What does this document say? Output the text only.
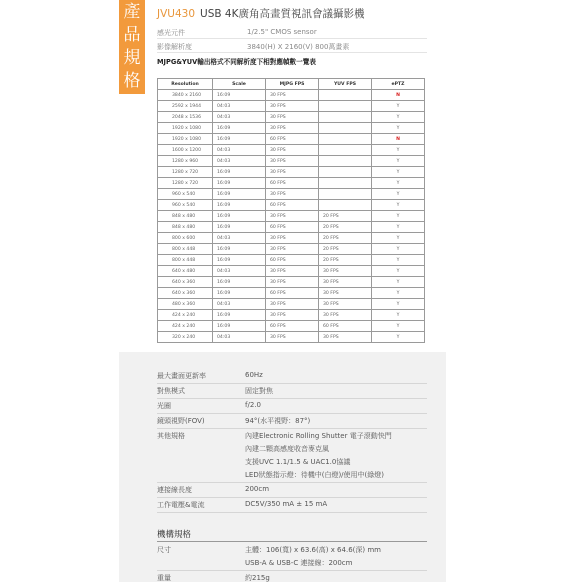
產
品
規
格
JVU430 USB 4K廣角高畫質視訊會議攝影機
感光元件	1/2.5" CMOS sensor
影像解析度	3840(H) X 2160(V) 800萬畫素
MJPG&YUV輸出格式不同解析度下相對應幀數一覽表
Resolution	Scale	MJPG FPS	YUV FPS	ePTZ
3840 x 2160	16:09	30 FPS		N
2592 x 1944	04:03	30 FPS		Y
2048 x 1536	04:03	30 FPS		Y
1920 x 1080	16:09	30 FPS		Y
1920 x 1080	16:09	60 FPS		N
1600 x 1200	04:03	30 FPS		Y
1280 x 960	04:03	30 FPS		Y
1280 x 720	16:09	30 FPS		Y
1280 x 720	16:09	60 FPS		Y
960 x 540	16:09	30 FPS		Y
960 x 540	16:09	60 FPS		Y
848 x 480	16:09	30 FPS	20 FPS	Y
848 x 480	16:09	60 FPS	20 FPS	Y
800 x 600	04:03	30 FPS	20 FPS	Y
800 x 448	16:09	30 FPS	20 FPS	Y
800 x 448	16:09	60 FPS	20 FPS	Y
640 x 480	04:03	30 FPS	30 FPS	Y
640 x 360	16:09	30 FPS	30 FPS	Y
640 x 360	16:09	60 FPS	30 FPS	Y
480 x 360	04:03	30 FPS	30 FPS	Y
424 x 240	16:09	30 FPS	30 FPS	Y
424 x 240	16:09	60 FPS	60 FPS	Y
320 x 240	04:03	30 FPS	30 FPS	Y
最大畫面更新率	60Hz
對焦模式	固定對焦
光圈	f/2.0
鏡頭視野(FOV)	94°(水平視野：87°)
其他規格	內建Electronic Rolling Shutter 電子滾動快門
內建二顆高感度收音麥克風
支援UVC 1.1/1.5 & UAC1.0協議
LED狀態指示燈：待機中(白燈)/使用中(綠燈)
連接線長度	200cm
工作電壓&電流	DC5V/350 mA ± 15 mA
機構規格
尺寸	主體：106(寬) x 63.6(高) x 64.6(深) mm
USB-A & USB-C 連接線：200cm
重量	約215g
